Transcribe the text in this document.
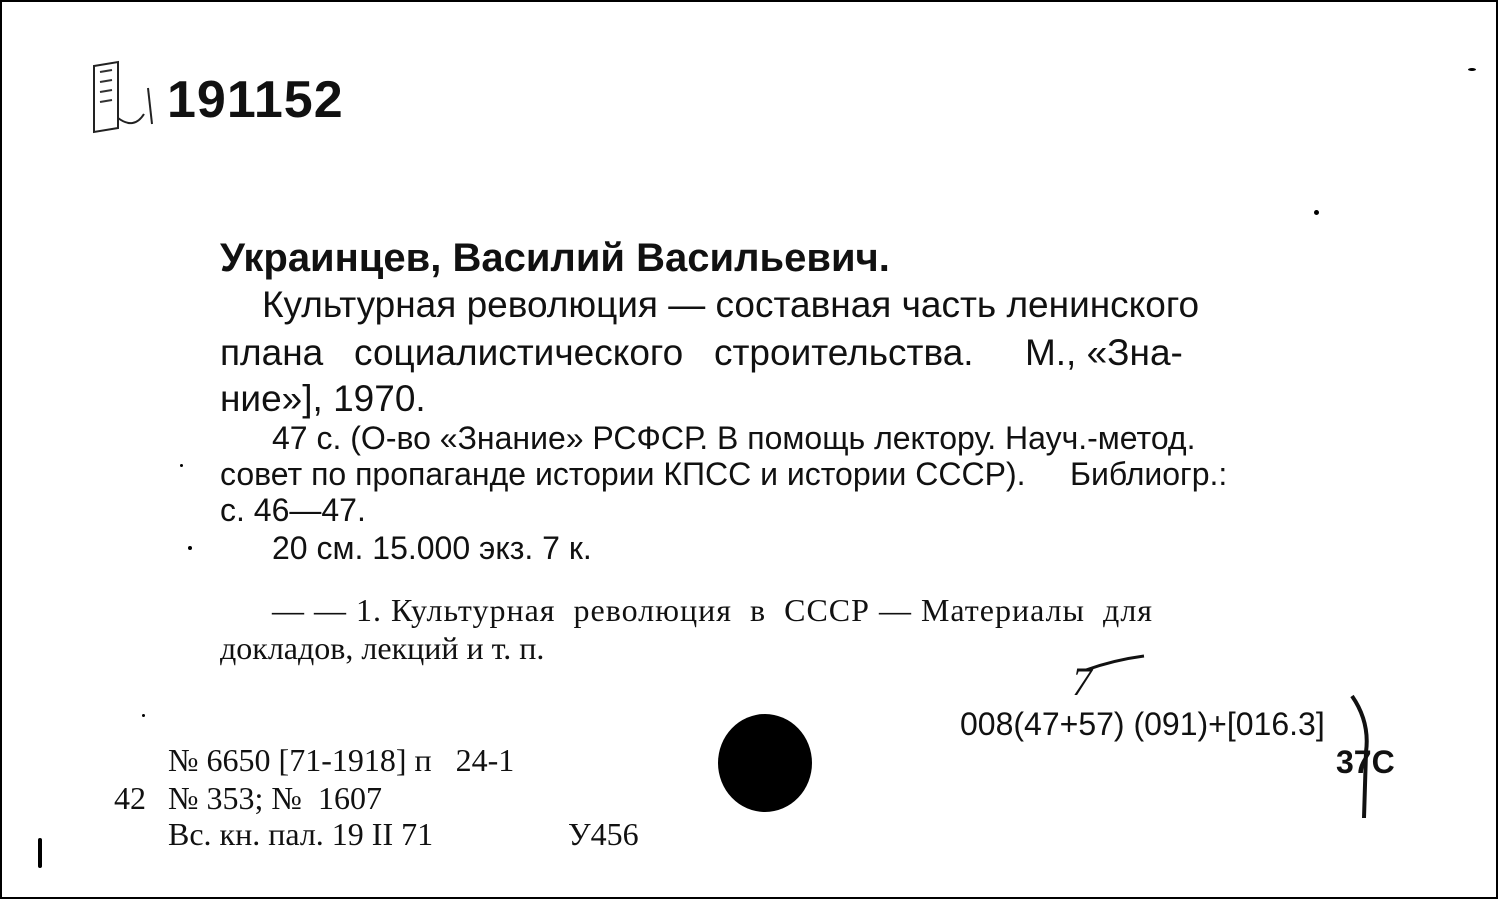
191152
Украинцев, Василий Васильевич.
Культурная революция — составная часть ленинского
плана   социалистического   строительства.     М., «Зна-
ние»], 1970.
47 с. (О-во «Знание» РСФСР. В помощь лектору. Науч.-метод.
совет по пропаганде истории КПСС и истории СССР).     Библиогр.:
с. 46—47.
20 см. 15.000 экз. 7 к.
— — 1. Культурная  революция  в  СССР — Материалы  для
докладов, лекций и т. п.
7
008(47+57) (091)+[016.3]
37C
№ 6650 [71-1918] п   24-1
42 № 353; №  1607
Вс. кн. пал. 19 II 71	У456
